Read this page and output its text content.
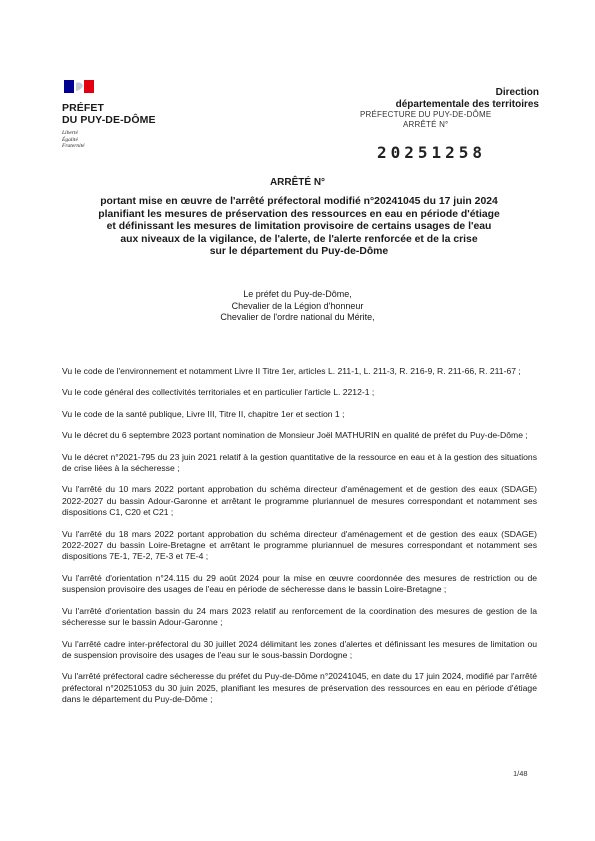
PRÉFET
DU PUY-DE-DÔME
Liberté
Égalité
Fraternité
Direction
départementale des territoires
PRÉFECTURE DU PUY-DE-DÔME
ARRÊTÉ N°
20251258
ARRÊTÉ N°
portant mise en œuvre de l'arrêté préfectoral modifié n°20241045 du 17 juin 2024
planifiant les mesures de préservation des ressources en eau en période d'étiage
et définissant les mesures de limitation provisoire de certains usages de l'eau
aux niveaux de la vigilance, de l'alerte, de l'alerte renforcée et de la crise
sur le département du Puy-de-Dôme
Le préfet du Puy-de-Dôme,
Chevalier de la Légion d'honneur
Chevalier de l'ordre national du Mérite,

Vu le code de l'environnement et notamment Livre II Titre 1er, articles L. 211-1, L. 211-3, R. 216-9, R. 211-66, R. 211-67 ;

Vu le code général des collectivités territoriales et en particulier l'article L. 2212-1 ;

Vu le code de la santé publique, Livre III, Titre II, chapitre 1er et section 1 ;

Vu le décret du 6 septembre 2023 portant nomination de Monsieur Joël MATHURIN en qualité de préfet du Puy-de-Dôme ;

Vu le décret n°2021-795 du 23 juin 2021 relatif à la gestion quantitative de la ressource en eau et à la gestion des situations de crise liées à la sécheresse ;

Vu l'arrêté du 10 mars 2022 portant approbation du schéma directeur d'aménagement et de gestion des eaux (SDAGE) 2022-2027 du bassin Adour-Garonne et arrêtant le programme pluriannuel de mesures correspondant et notamment ses dispositions C1, C20 et C21 ;

Vu l'arrêté du 18 mars 2022 portant approbation du schéma directeur d'aménagement et de gestion des eaux (SDAGE) 2022-2027 du bassin Loire-Bretagne et arrêtant le programme pluriannuel de mesures correspondant et notamment ses dispositions 7E-1, 7E-2, 7E-3 et 7E-4 ;

Vu l'arrêté d'orientation n°24.115 du 29 août 2024 pour la mise en œuvre coordonnée des mesures de restriction ou de suspension provisoire des usages de l'eau en période de sécheresse dans le bassin Loire-Bretagne ;

Vu l'arrêté d'orientation bassin du 24 mars 2023 relatif au renforcement de la coordination des mesures de gestion de la sécheresse sur le bassin Adour-Garonne ;

Vu l'arrêté cadre inter-préfectoral du 30 juillet 2024 délimitant les zones d'alertes et définissant les mesures de limitation ou de suspension provisoire des usages de l'eau sur le sous-bassin Dordogne ;

Vu l'arrêté préfectoral cadre sécheresse du préfet du Puy-de-Dôme n°20241045, en date du 17 juin 2024, modifié par l'arrêté préfectoral n°20251053 du 30 juin 2025, planifiant les mesures de préservation des ressources en eau en période d'étiage dans le département du Puy-de-Dôme ;

1/48
